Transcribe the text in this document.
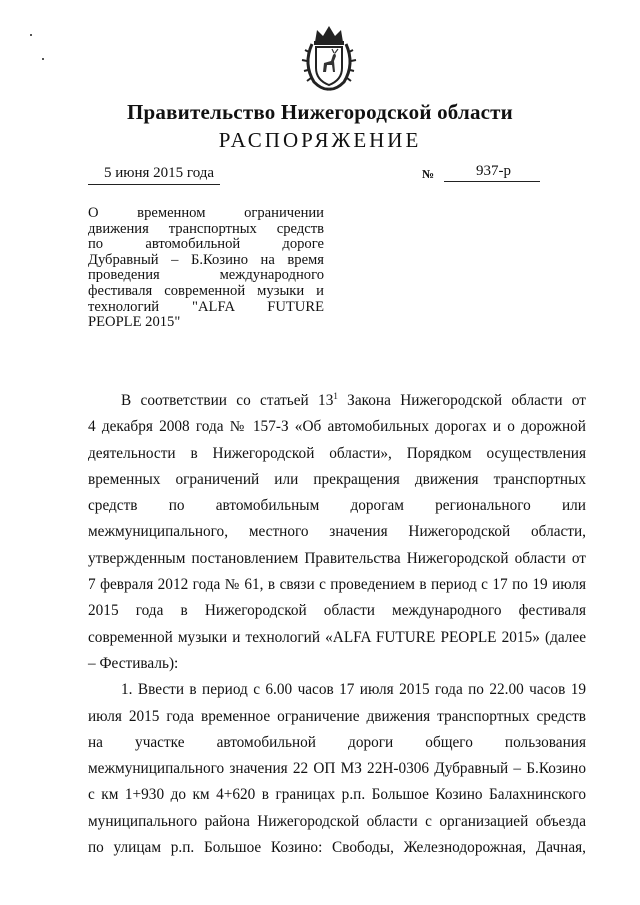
Правительство Нижегородской области
РАСПОРЯЖЕНИЕ
5 июня 2015 года	№	937-р
О временном ограничении
движения транспортных средств
по автомобильной дороге
Дубравный – Б.Козино на время
проведения международного
фестиваля современной музыки и
технологий "ALFA FUTURE
PEOPLE 2015"
В соответствии со статьей $13^1$ Закона Нижегородской области от
4 декабря 2008 года № 157-З «Об автомобильных дорогах и о дорожной
деятельности в Нижегородской области», Порядком осуществления
временных ограничений или прекращения движения транспортных
средств по автомобильным дорогам регионального или
межмуниципального, местного значения Нижегородской области,
утвержденным постановлением Правительства Нижегородской области от
7 февраля 2012 года № 61, в связи с проведением в период с 17 по 19 июля
2015 года в Нижегородской области международного фестиваля
современной музыки и технологий «ALFA FUTURE PEOPLE 2015» (далее
– Фестиваль):
1. Ввести в период с 6.00 часов 17 июля 2015 года по 22.00 часов 19
июля 2015 года временное ограничение движения транспортных средств
на участке автомобильной дороги общего пользования
межмуниципального значения 22 ОП МЗ 22Н-0306 Дубравный – Б.Козино
с км 1+930 до км 4+620 в границах р.п. Большое Козино Балахнинского
муниципального района Нижегородской области с организацией объезда
по улицам р.п. Большое Козино: Свободы, Железнодорожная, Дачная,
